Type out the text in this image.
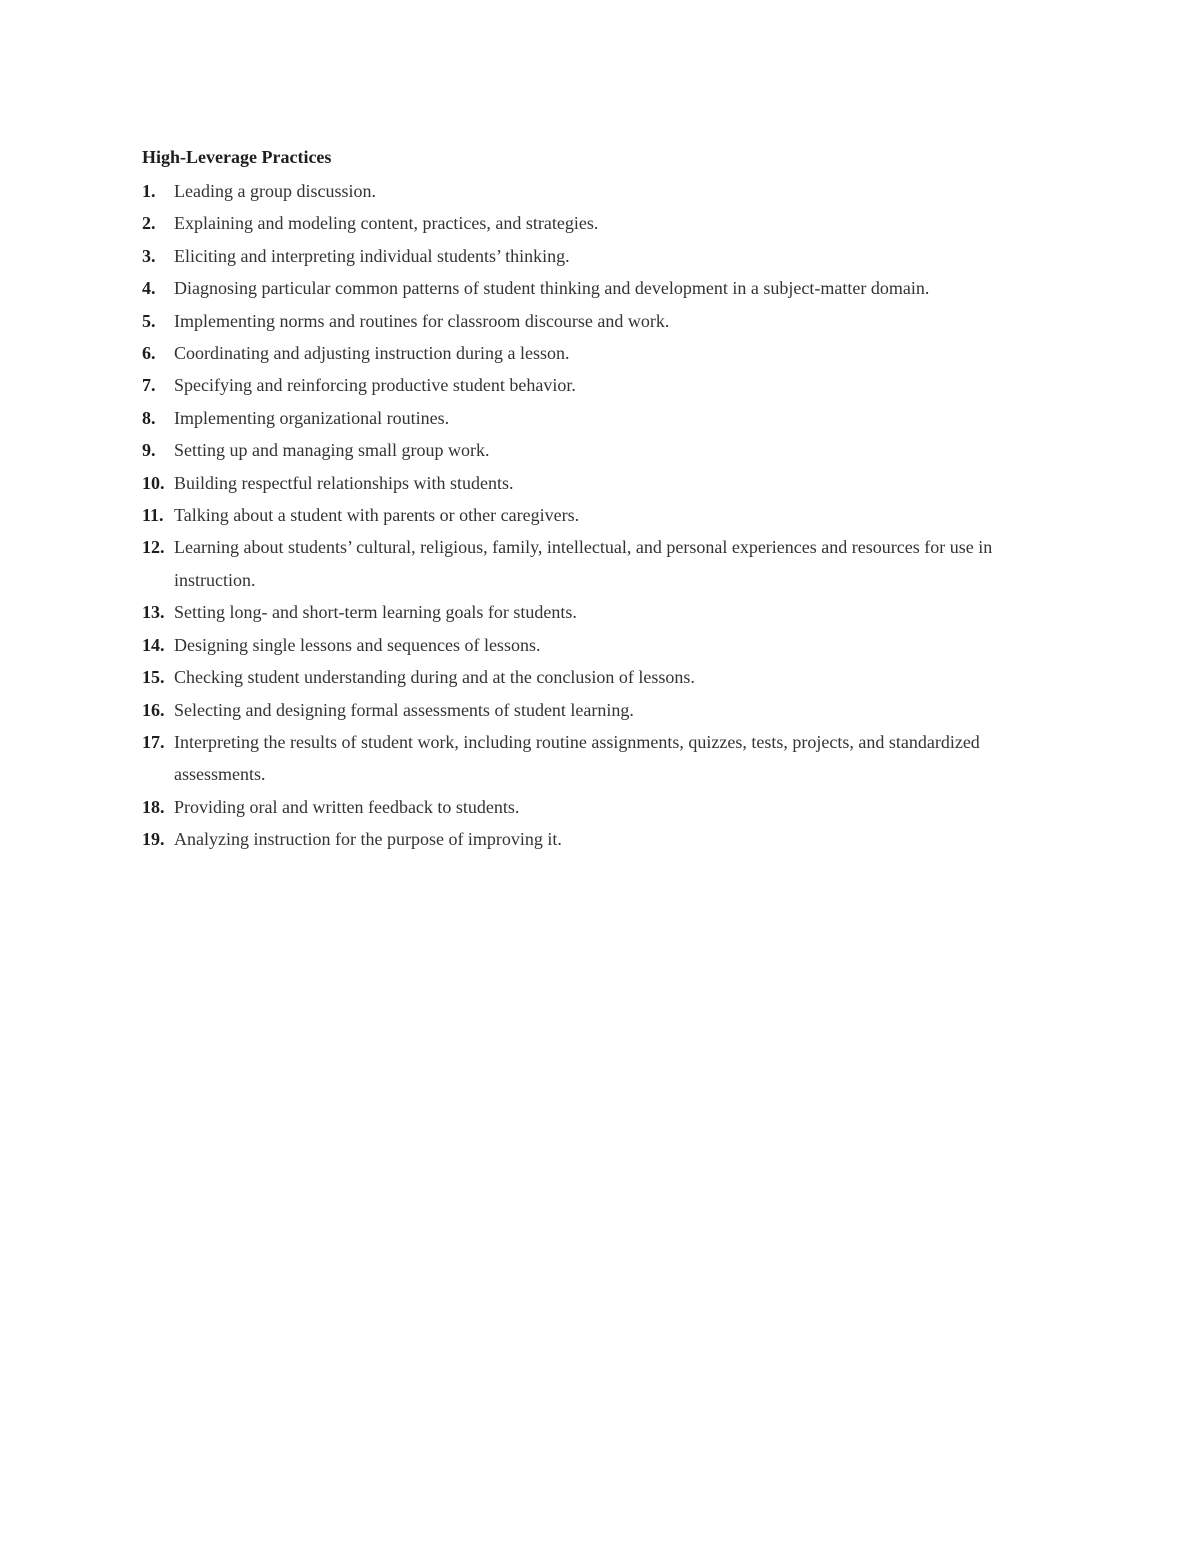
High-Leverage Practices
1.	Leading a group discussion.
2.	Explaining and modeling content, practices, and strategies.
3.	Eliciting and interpreting individual students’ thinking.
4.	Diagnosing particular common patterns of student thinking and development in a subject-matter domain.
5.	Implementing norms and routines for classroom discourse and work.
6.	Coordinating and adjusting instruction during a lesson.
7.	Specifying and reinforcing productive student behavior.
8.	Implementing organizational routines.
9.	Setting up and managing small group work.
10. Building respectful relationships with students.
11. Talking about a student with parents or other caregivers.
12. Learning about students’ cultural, religious, family, intellectual, and personal experiences and resources for use in instruction.
13. Setting long- and short-term learning goals for students.
14. Designing single lessons and sequences of lessons.
15. Checking student understanding during and at the conclusion of lessons.
16. Selecting and designing formal assessments of student learning.
17. Interpreting the results of student work, including routine assignments, quizzes, tests, projects, and standardized assessments.
18. Providing oral and written feedback to students.
19. Analyzing instruction for the purpose of improving it.
